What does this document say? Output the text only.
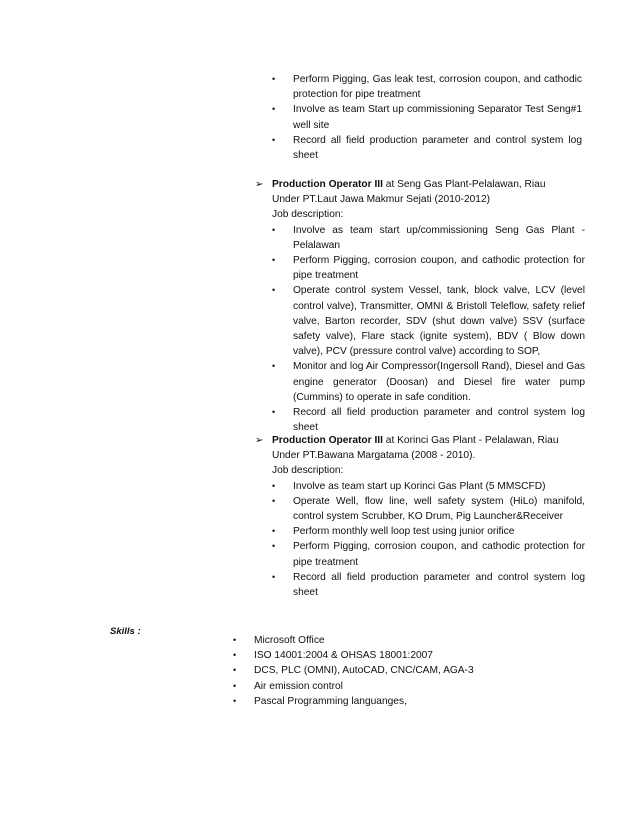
•	Perform Pigging, Gas leak test, corrosion coupon, and cathodic protection for pipe treatment
•	Involve as team Start up commissioning Separator Test Seng#1 well site
•	Record all field production parameter and control system log sheet
➢ Production Operator III at Seng Gas Plant-Pelalawan, Riau
Under PT.Laut Jawa Makmur Sejati (2010-2012)
Job description:
•	Involve as team start up/commissioning Seng Gas Plant - Pelalawan
•	Perform Pigging, corrosion coupon, and cathodic protection for pipe treatment
•	Operate control system Vessel, tank, block valve, LCV (level control valve), Transmitter, OMNI & Bristoll Teleflow, safety relief valve, Barton recorder, SDV (shut down valve) SSV (surface safety valve), Flare stack (ignite system), BDV ( Blow down valve), PCV (pressure control valve) according to SOP,
•	Monitor and log Air Compressor(Ingersoll Rand), Diesel and Gas engine generator (Doosan) and Diesel fire water pump (Cummins) to operate in safe condition.
•	Record all field production parameter and control system log sheet
➢ Production Operator III at Korinci Gas Plant - Pelalawan, Riau
Under PT.Bawana Margatama (2008 - 2010).
Job description:
•	Involve as team start up Korinci Gas Plant (5 MMSCFD)
•	Operate Well, flow line, well safety system (HiLo) manifold, control system Scrubber, KO Drum, Pig Launcher&Receiver
•	Perform monthly well loop test using junior orifice
•	Perform Pigging, corrosion coupon, and cathodic protection for pipe treatment
•	Record all field production parameter and control system log sheet
Skills :
•	Microsoft Office
•	ISO 14001:2004 & OHSAS 18001:2007
•	DCS, PLC (OMNI), AutoCAD, CNC/CAM, AGA-3
•	Air emission control
•	Pascal Programming languanges,
